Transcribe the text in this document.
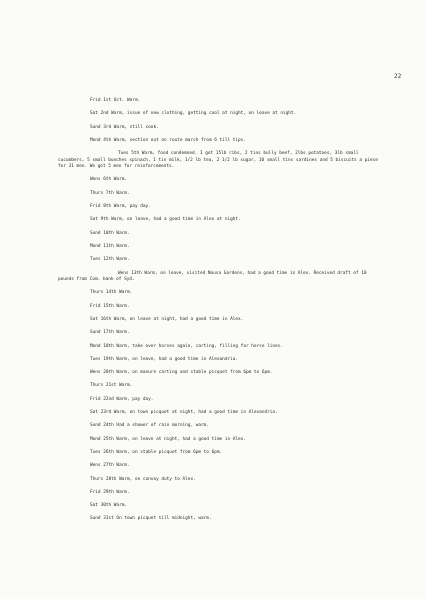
22
Frid 1st Oct. Warm.
Sat 2nd Warm, issue of new clothing, getting cool at night, on leave at night.
Sund 3rd Warm, still cook.
Mond 4th Warm, section out on route march from 6 till tips.
Tues 5th Warm, food condemned. I got 15lb ribs, 2 tins bully beef, 2lbs potatoes, 3lb small cucumbers, 5 small bunches spinach, 1 tin milk, 1/2 lb tea, 2 1/2 lb sugar, 10 small tins sardines and 5 biscuits a piece for 31 men. We got 5 men for reinforcements.
Wens 6th Warm.
Thurs 7th Warm.
Frid 8th Warm, pay day.
Sat 9th Warm, on leave, had a good time in Alex at night.
Sund 10th Warm.
Mond 11th Warm.
Tues 12th Warm.
Wens 13th Warm, on leave, visited Nousa Gardens, had a good time in Alex. Received draft of 10 pounds from Com. bank of Syd.
Thurs 14th Warm.
Frid 15th Warm.
Sat 16th Warm, on leave at night, had a good time in Alex.
Sund 17th Warm.
Mond 18th Warm, take over horses again, carting, filling for horse lines.
Tues 19th Warm, on leave, had a good time in Alexandria.
Wens 20th Warm, on manure carting and stable picquet from 6pm to 6pm.
Thurs 21st Warm.
Frid 22nd Warm, pay day.
Sat 23rd Warm, on town picquet at night, had a good time in Alexandria.
Sund 24th Had a shower of rain morning, warm.
Mond 25th Warm, on leave at night, had a good time in Alex.
Tues 26th Warm, on stable picquet from 6pm to 6pm.
Wens 27th Warm.
Thurs 28th Warm, on convoy duty to Alex.
Frid 29th Warm.
Sat 30th Warm.
Sund 31st On town picquet till midnight, warm.
